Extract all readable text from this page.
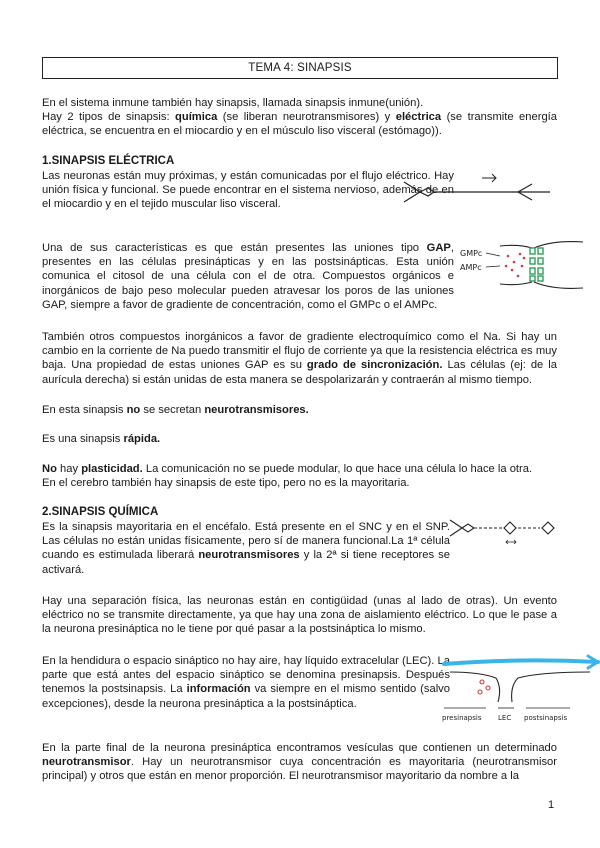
TEMA 4: SINAPSIS

En el sistema inmune también hay sinapsis, llamada sinapsis inmune(unión).
Hay 2 tipos de sinapsis: química (se liberan neurotransmisores) y eléctrica (se transmite energía eléctrica, se encuentra en el miocardio y en el músculo liso visceral (estómago)).

1.SINAPSIS ELÉCTRICA

Las neuronas están muy próximas, y están comunicadas por el flujo eléctrico. Hay unión física y funcional. Se puede encontrar en el sistema nervioso, además de en el miocardio y en el tejido muscular liso visceral.

Una de sus características es que están presentes las uniones tipo GAP, presentes en las células presinápticas y en las postsinápticas. Esta unión comunica el citosol de una célula con el de otra. Compuestos orgánicos e inorgánicos de bajo peso molecular pueden atravesar los poros de las uniones GAP, siempre a favor de gradiente de concentración, como el GMPc o el AMPc.

GMPc
AMPc

También otros compuestos inorgánicos a favor de gradiente electroquímico como el Na. Si hay un cambio en la corriente de Na puedo transmitir el flujo de corriente ya que la resistencia eléctrica es muy baja. Una propiedad de estas uniones GAP es su grado de sincronización. Las células (ej: de la aurícula derecha) si están unidas de esta manera se despolarizarán y contraerán al mismo tiempo.

En esta sinapsis no se secretan neurotransmisores.

Es una sinapsis rápida.

No hay plasticidad. La comunicación no se puede modular, lo que hace una célula lo hace la otra.
En el cerebro también hay sinapsis de este tipo, pero no es la mayoritaria.

2.SINAPSIS QUÍMICA

Es la sinapsis mayoritaria en el encéfalo. Está presente en el SNC y en el SNP. Las células no están unidas físicamente, pero sí de manera funcional.La 1ª célula cuando es estimulada liberará neurotransmisores y la 2ª si tiene receptores se activará.

Hay una separación física, las neuronas están en contigüidad (unas al lado de otras). Un evento eléctrico no se transmite directamente, ya que hay una zona de aislamiento eléctrico. Lo que le pase a la neurona presináptica no le tiene por qué pasar a la postsináptica lo mismo.

En la hendidura o espacio sináptico no hay aire, hay líquido extracelular (LEC). La parte que está antes del espacio sináptico se denomina presinapsis. Después tenemos la postsinapsis. La información va siempre en el mismo sentido (salvo excepciones), desde la neurona presináptica a la postsináptica.

presinapsis LEC postsinapsis

En la parte final de la neurona presináptica encontramos vesículas que contienen un determinado neurotransmisor. Hay un neurotransmisor cuya concentración es mayoritaria (neurotransmisor principal) y otros que están en menor proporción. El neurotransmisor mayoritario da nombre a la

1
